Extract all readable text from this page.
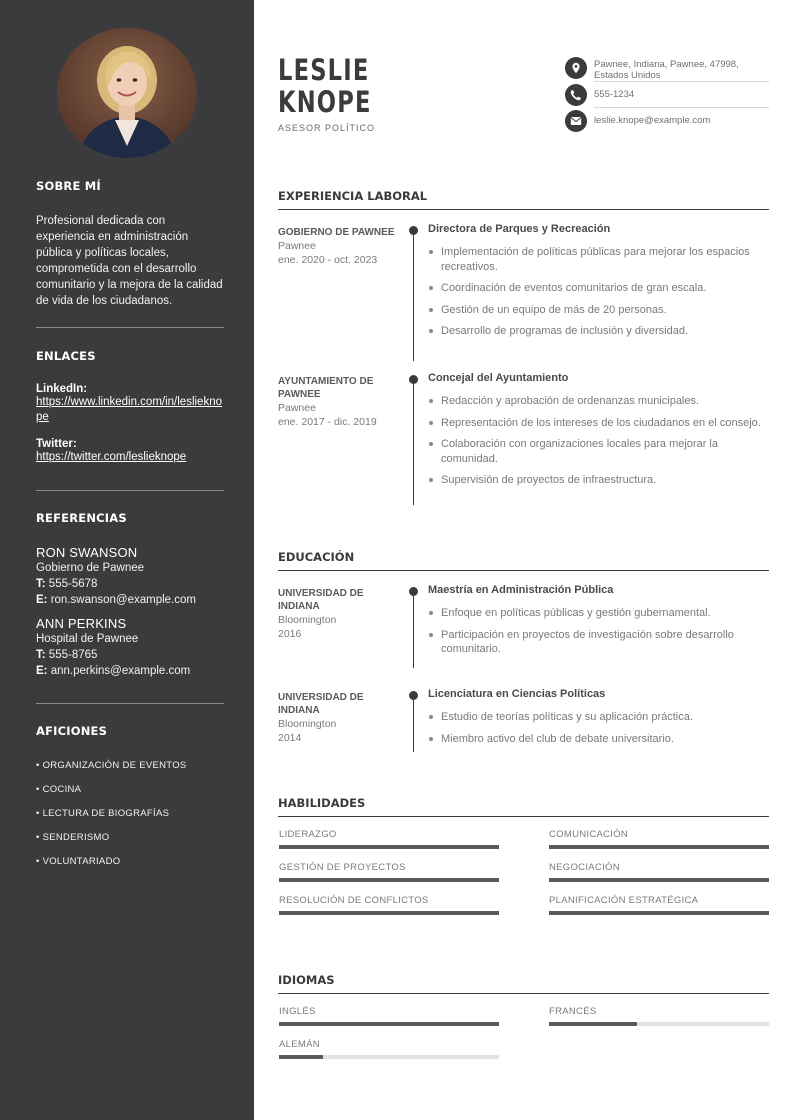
SOBRE MÍ

Profesional dedicada con experiencia en administración pública y políticas locales, comprometida con el desarrollo comunitario y la mejora de la calidad de vida de los ciudadanos.

ENLACES
LinkedIn:
https://www.linkedin.com/in/leslieknope
Twitter:
https://twitter.com/leslieknope
REFERENCIAS
RON SWANSON
Gobierno de Pawnee
T: 555-5678
E: ron.swanson@example.com
ANN PERKINS
Hospital de Pawnee
T: 555-8765
E: ann.perkins@example.com
AFICIONES
• ORGANIZACIÓN DE EVENTOS
• COCINA
• LECTURA DE BIOGRAFÍAS
• SENDERISMO
• VOLUNTARIADO
LESLIE
KNOPE
ASESOR POLÍTICO
Pawnee, Indiana, Pawnee, 47998,
Estados Unidos
555-1234
leslie.knope@example.com
EXPERIENCIA LABORAL
GOBIERNO DE PAWNEE
Pawnee
ene. 2020 - oct. 2023
Directora de Parques y Recreación
Implementación de políticas públicas para mejorar los espacios recreativos.
Coordinación de eventos comunitarios de gran escala.
Gestión de un equipo de más de 20 personas.
Desarrollo de programas de inclusión y diversidad.
AYUNTAMIENTO DE PAWNEE
Pawnee
ene. 2017 - dic. 2019
Concejal del Ayuntamiento
Redacción y aprobación de ordenanzas municipales.
Representación de los intereses de los ciudadanos en el consejo.
Colaboración con organizaciones locales para mejorar la comunidad.
Supervisión de proyectos de infraestructura.
EDUCACIÓN
UNIVERSIDAD DE INDIANA
Bloomington
2016
Maestría en Administración Pública
Enfoque en políticas públicas y gestión gubernamental.
Participación en proyectos de investigación sobre desarrollo comunitario.
UNIVERSIDAD DE INDIANA
Bloomington
2014
Licenciatura en Ciencias Políticas
Estudio de teorías políticas y su aplicación práctica.
Miembro activo del club de debate universitario.
HABILIDADES
LIDERAZGO	COMUNICACIÓN
GESTIÓN DE PROYECTOS	NEGOCIACIÓN
RESOLUCIÓN DE CONFLICTOS	PLANIFICACIÓN ESTRATÉGICA
IDIOMAS
INGLÉS	FRANCÉS
ALEMÁN
